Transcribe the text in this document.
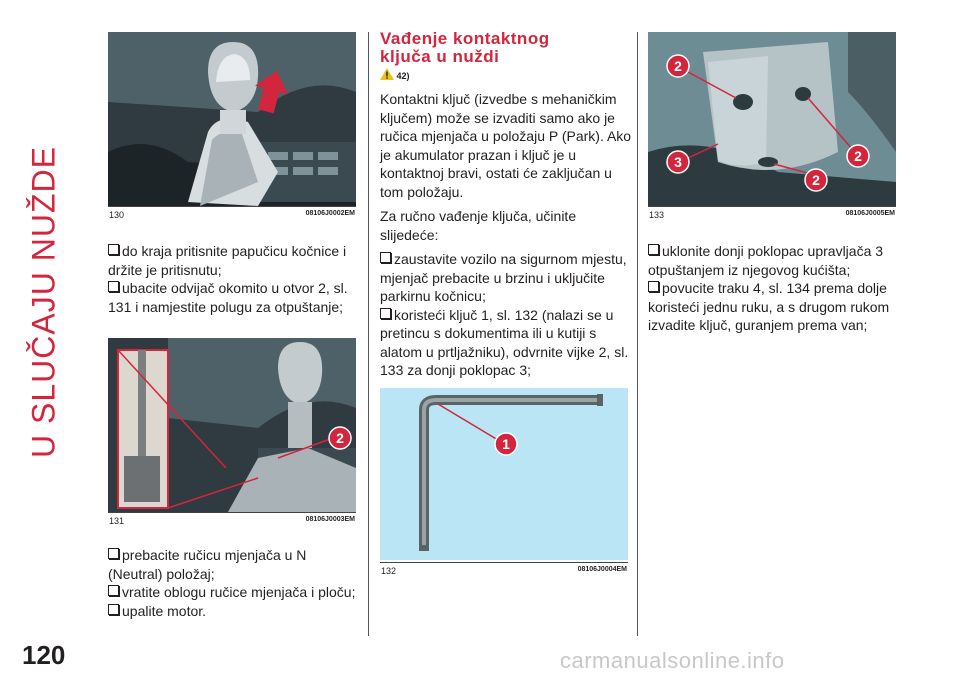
U SLUČAJU NUŽDE	130	08106J0002EM
do kraja pritisnite papučicu kočnice i držite je pritisnutu;
ubacite odvijač okomito u otvor 2, sl. 131 i namjestite polugu za otpuštanje;
2
131	08106J0003EM
prebacite ručicu mjenjača u N (Neutral) položaj;
vratite oblogu ručice mjenjača i ploču;
upalite motor.
Vađenje kontaktnog
ključa u nuždi
42)

Kontaktni ključ (izvedbe s mehaničkim ključem) može se izvaditi samo ako je ručica mjenjača u položaju P (Park). Ako je akumulator prazan i ključ je u kontaktnoj bravi, ostati će zaključan u tom položaju.

Za ručno vađenje ključa, učinite slijedeće:

zaustavite vozilo na sigurnom mjestu, mjenjač prebacite u brzinu i uključite parkirnu kočnicu;
koristeći ključ 1, sl. 132 (nalazi se u pretincu s dokumentima ili u kutiji s alatom u prtljažniku), odvrnite vijke 2, sl. 133 za donji poklopac 3;
1
132	08106J0004EM
2
3	2
2
133	08106J0005EM
uklonite donji poklopac upravljača 3 otpuštanjem iz njegovog kućišta;
povucite traku 4, sl. 134 prema dolje koristeći jednu ruku, a s drugom rukom izvadite ključ, guranjem prema van;
120	carmanualsonline.info
